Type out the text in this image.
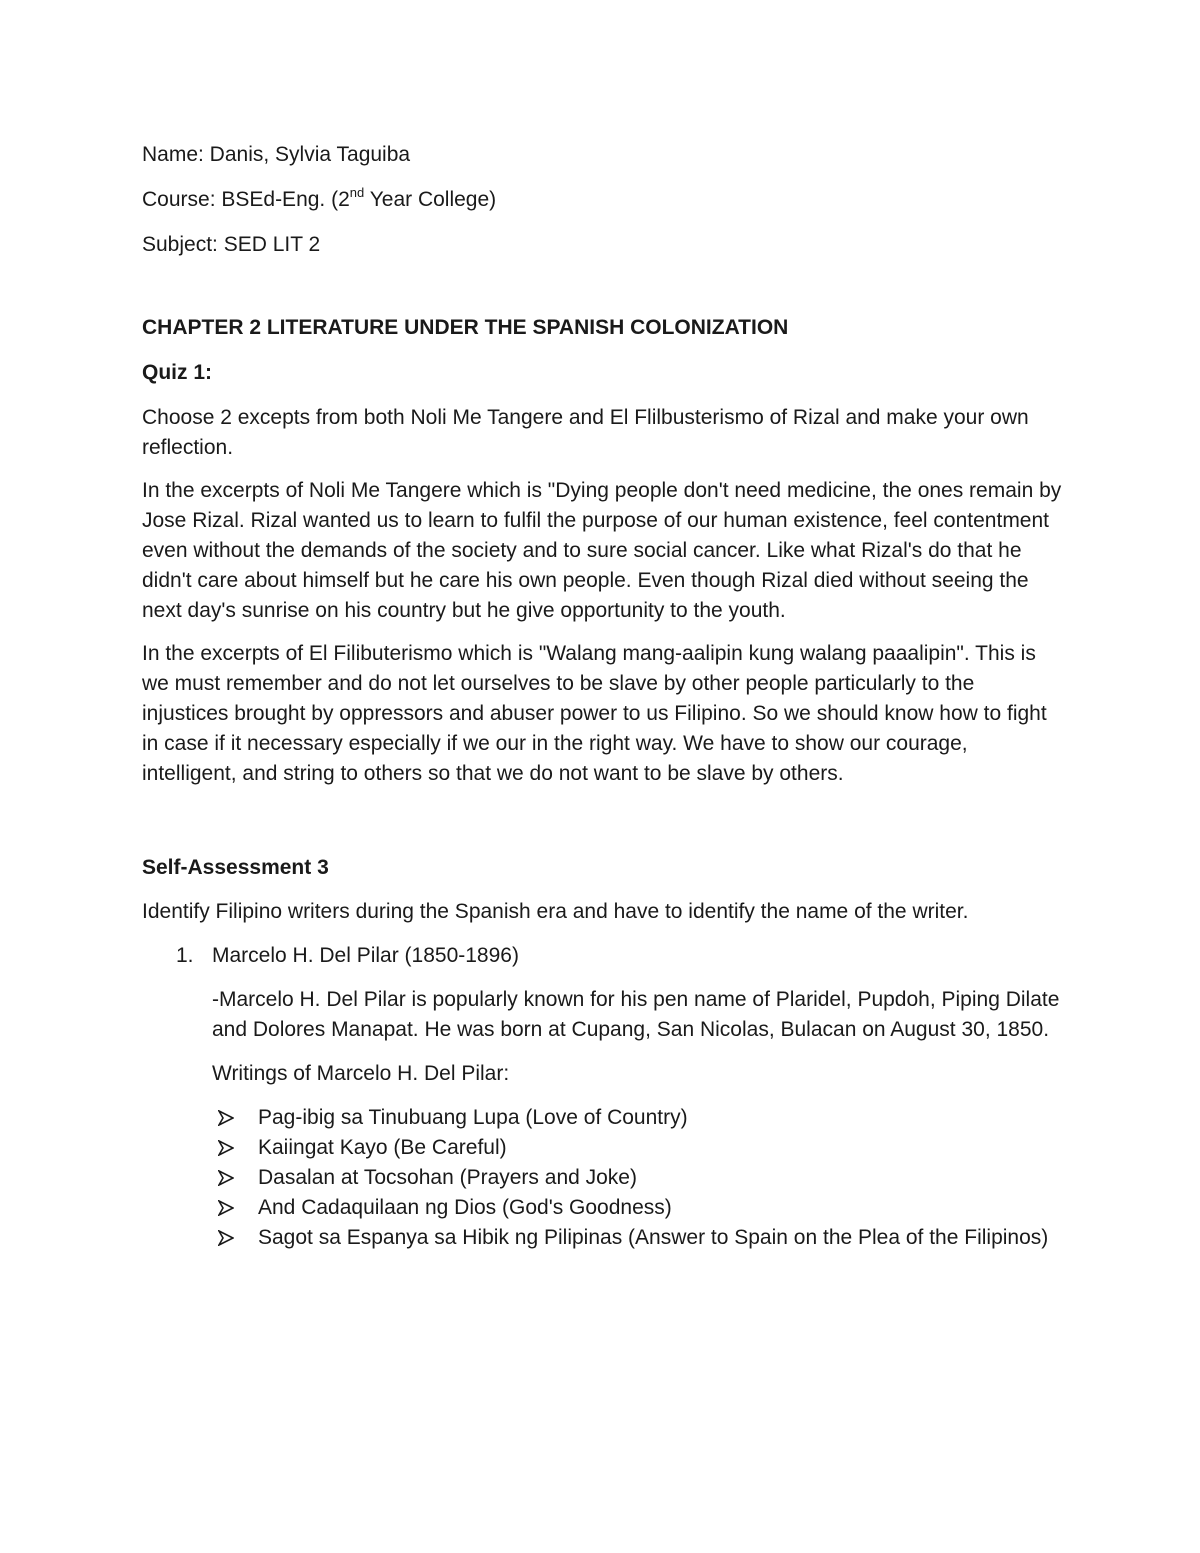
Name: Danis, Sylvia Taguiba

Course: BSEd-Eng. (2nd Year College)

Subject: SED LIT 2

CHAPTER 2 LITERATURE UNDER THE SPANISH COLONIZATION

Quiz 1:

Choose 2 excepts from both Noli Me Tangere and El Flilbusterismo of Rizal and make your own reflection.

In the excerpts of Noli Me Tangere which is "Dying people don't need medicine, the ones remain by Jose Rizal. Rizal wanted us to learn to fulfil the purpose of our human existence, feel contentment even without the demands of the society and to sure social cancer. Like what Rizal's do that he didn't care about himself but he care his own people. Even though Rizal died without seeing the next day's sunrise on his country but he give opportunity to the youth.

In the excerpts of El Filibuterismo which is "Walang mang-aalipin kung walang paaalipin". This is we must remember and do not let ourselves to be slave by other people particularly to the injustices brought by oppressors and abuser power to us Filipino. So we should know how to fight in case if it necessary especially if we our in the right way. We have to show our courage, intelligent, and string to others so that we do not want to be slave by others.

Self-Assessment 3

Identify Filipino writers during the Spanish era and have to identify the name of the writer.

1. Marcelo H. Del Pilar (1850-1896)

-Marcelo H. Del Pilar is popularly known for his pen name of Plaridel, Pupdoh, Piping Dilate and Dolores Manapat. He was born at Cupang, San Nicolas, Bulacan on August 30, 1850.

Writings of Marcelo H. Del Pilar:

Pag-ibig sa Tinubuang Lupa (Love of Country)
Kaiingat Kayo (Be Careful)
Dasalan at Tocsohan (Prayers and Joke)
And Cadaquilaan ng Dios (God's Goodness)
Sagot sa Espanya sa Hibik ng Pilipinas (Answer to Spain on the Plea of the Filipinos)
